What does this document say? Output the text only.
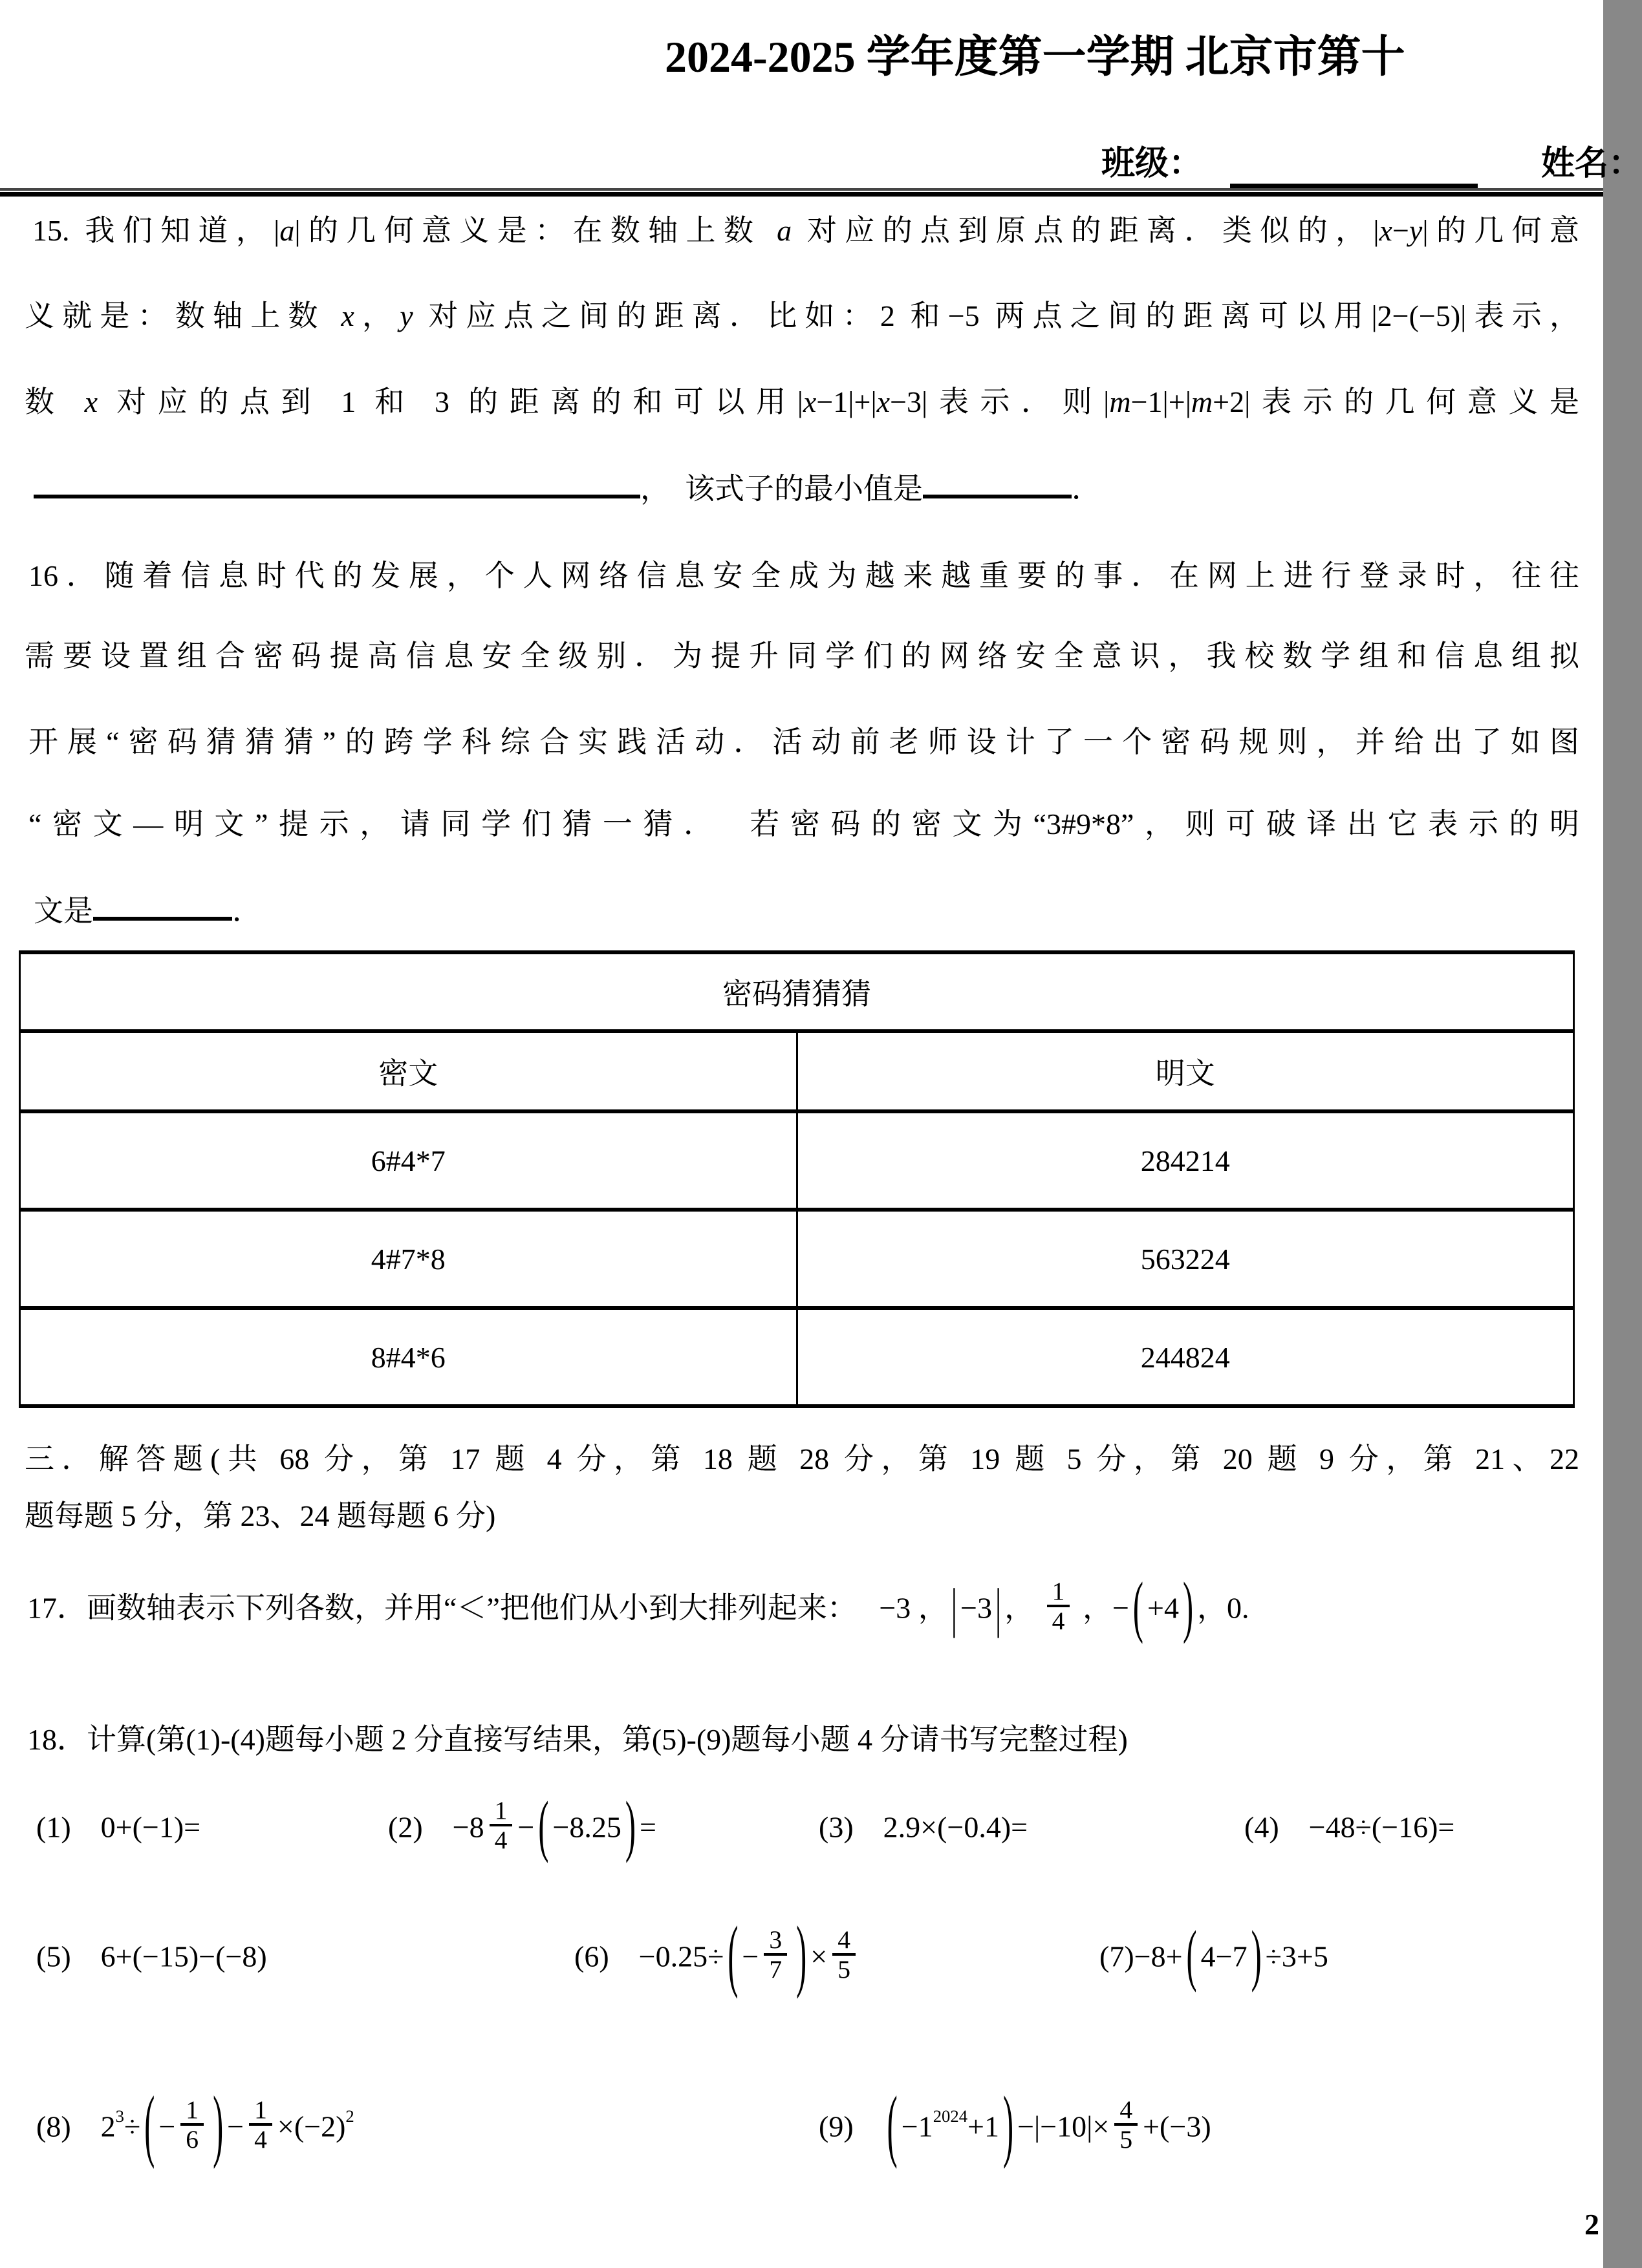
2024-2025 学年度第一学期 北京市第十
班级：	姓名：
15. 我们知道，|a|的几何意义是：在数轴上数 a 对应的点到原点的距离．类似的，|x−y|的几何意
义就是：数轴上数 x，y 对应点之间的距离．比如：2 和−5 两点之间的距离可以用|2−(−5)|表示，
数 x 对应的点到 1 和 3 的距离的和可以用|x−1|+|x−3|表示．则|m−1|+|m+2|表示的几何意义是
，  该式子的最小值是	．
16．随着信息时代的发展，个人网络信息安全成为越来越重要的事．在网上进行登录时，往往
需要设置组合密码提高信息安全级别．为提升同学们的网络安全意识，我校数学组和信息组拟
开展“密码猜猜猜”的跨学科综合实践活动．活动前老师设计了一个密码规则，并给出了如图
“密文—明文”提示，请同学们猜一猜．　若密码的密文为“3#9*8”，则可破译出它表示的明
文是	．
密码猜猜猜	
密文	明文
6#4*7	284214
4#7*8	563224
8#4*6	244824
三．解答题(共 68 分，第 17 题 4 分，第 18 题 28 分，第 19 题 5 分，第 20 题 9 分，第 21、22
题每题 5 分，第 23、24 题每题 6 分)
17．画数轴表示下列各数，并用“＜”把他们从小到大排列起来：　 −3 ， | −3 | ， $\frac{1}{4}$ ，− ( +4 ) ，0.
18．计算(第(1)-(4)题每小题 2 分直接写结果，第(5)-(9)题每小题 4 分请书写完整过程)
(1)　0+(−1)=	(2)　$-8 \frac{1}{4}$ − ( −8.25 ) =	(3)　2.9×(−0.4)=	(4)　−48÷(−16)=
(5)　6+(−15)−(−8)	(6)　−0.25÷ ( − $\frac{3}{7}$ ) × $\frac{4}{5}$	(7)−8+ ( 4−7 ) ÷3+5
(8)　$2^3\div$ ( − $\frac{1}{6}$ ) − $\frac{1}{4} \times(-2)^2$	(9)　( $-1^{2024}+1$ ) $-|-10|\times \frac{4}{5} +(-3)$
2
